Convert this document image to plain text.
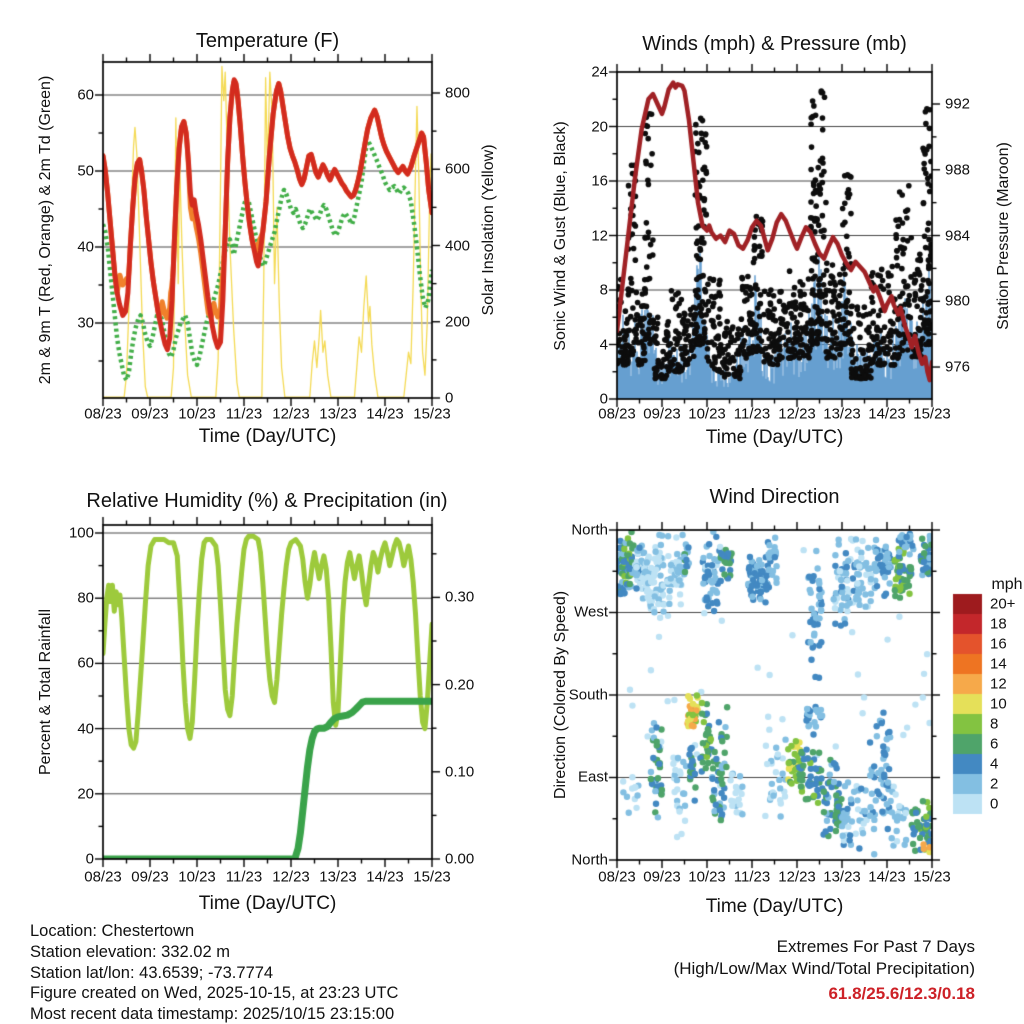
Temperature (F)	Winds (mph) & Pressure (mb)
Relative Humidity (%) & Precipitation (in)	Wind Direction
Time (Day/UTC)	Time (Day/UTC)
Time (Day/UTC)	Time (Day/UTC)
2m & 9m T (Red, Orange) & 2m Td (Green)	Solar Insolation (Yellow)	Sonic Wind & Gust (Blue, Black)	Station Pressure (Maroon)
Percent & Total Rainfall	Direction (Colored By Speed)
mph
Location: Chestertown
Station elevation: 332.02 m
Station lat/lon: 43.6539; -73.7774
Figure created on Wed, 2025-10-15, at 23:23 UTC
Most recent data timestamp: 2025/10/15 23:15:00
Extremes For Past 7 Days
(High/Low/Max Wind/Total Precipitation)
61.8/25.6/12.3/0.18
60
50
40
30
800
600
400
200
0
08/23 09/23 10/23 11/23 12/23 13/23 14/23 15/23
24
20
16
12
8
4
0
992
988
984
980
976
08/23 09/23 10/23 11/23 12/23 13/23 14/23 15/23
100
80
60
40
20
0
0.30
0.20
0.10
0.00
08/23 09/23 10/23 11/23 12/23 13/23 14/23 15/23
North
West
South
East
North
08/23 09/23 10/23 11/23 12/23 13/23 14/23 15/23
20+
18
16
14
12
10
8
6
4
2
0
